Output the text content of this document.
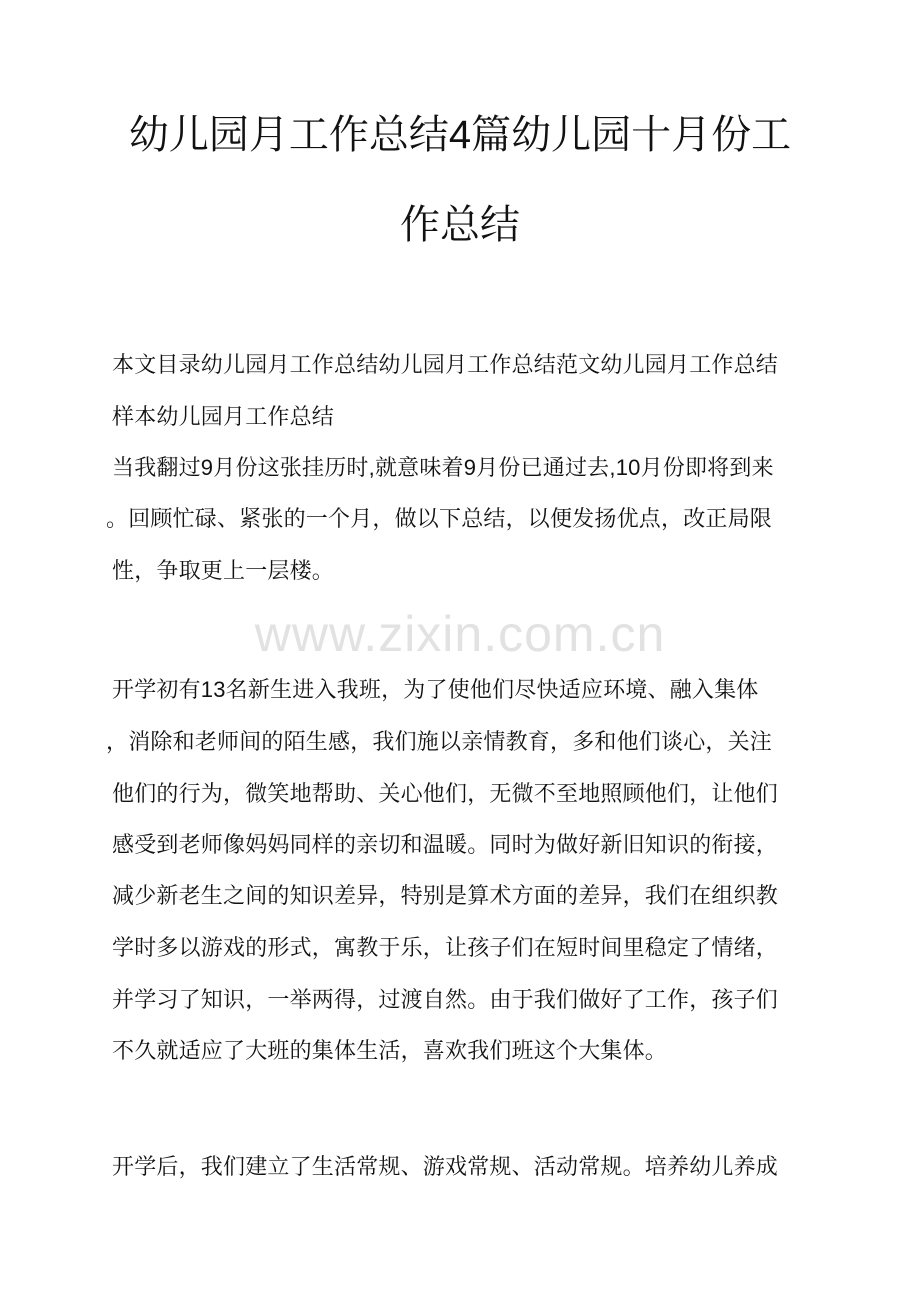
幼儿园月工作总结4篇幼儿园十月份工
作总结
本文目录幼儿园月工作总结幼儿园月工作总结范文幼儿园月工作总结
样本幼儿园月工作总结
当我翻过9月份这张挂历时,就意味着9月份已通过去,10月份即将到来
。回顾忙碌、紧张的一个月，做以下总结，以便发扬优点，改正局限
性，争取更上一层楼。
www.zixin.com.cn
开学初有13名新生进入我班，为了使他们尽快适应环境、融入集体
，消除和老师间的陌生感，我们施以亲情教育，多和他们谈心，关注
他们的行为，微笑地帮助、关心他们，无微不至地照顾他们，让他们
感受到老师像妈妈同样的亲切和温暖。同时为做好新旧知识的衔接，
减少新老生之间的知识差异，特别是算术方面的差异，我们在组织教
学时多以游戏的形式，寓教于乐，让孩子们在短时间里稳定了情绪，
并学习了知识，一举两得，过渡自然。由于我们做好了工作，孩子们
不久就适应了大班的集体生活，喜欢我们班这个大集体。
开学后，我们建立了生活常规、游戏常规、活动常规。培养幼儿养成
